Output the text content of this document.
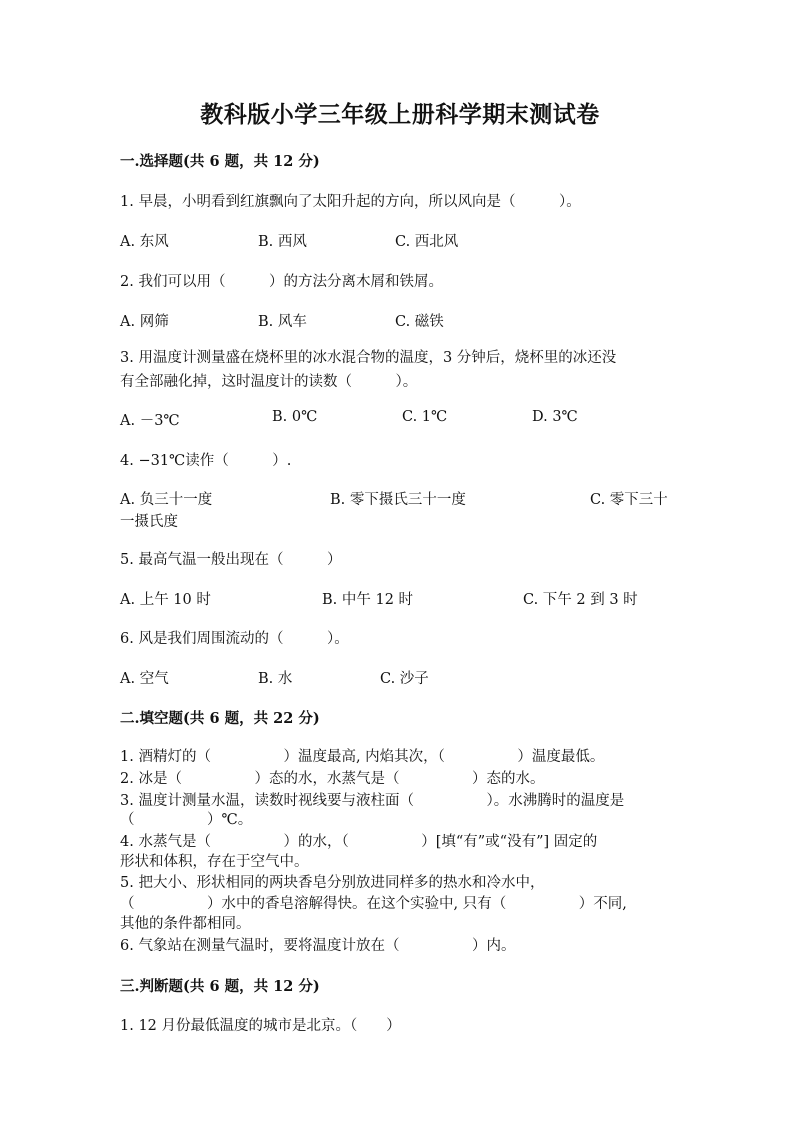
教科版小学三年级上册科学期末测试卷

一.选择题(共 6 题，共 12 分)

1. 早晨，小明看到红旗飘向了太阳升起的方向，所以风向是（　　　）。

A. 东风	B. 西风	C. 西北风

2. 我们可以用（　　　）的方法分离木屑和铁屑。

A. 网筛	B. 风车	C. 磁铁

3. 用温度计测量盛在烧杯里的冰水混合物的温度，3 分钟后，烧杯里的冰还没

有全部融化掉，这时温度计的读数（　　　）。

A. －3℃	B. 0℃	C. 1℃	D. 3℃

4. −31℃读作（　　　）.

A. 负三十一度	B. 零下摄氏三十一度	C. 零下三十

一摄氏度

5. 最高气温一般出现在（　　　）

A. 上午 10 时	B. 中午 12 时	C. 下午 2 到 3 时

6. 风是我们周围流动的（　　　）。

A. 空气	B. 水	C. 沙子

二.填空题(共 6 题，共 22 分)

1. 酒精灯的（　　　　　）温度最高, 内焰其次，（　　　　　）温度最低。

2. 冰是（　　　　　）态的水，水蒸气是（　　　　　）态的水。

3. 温度计测量水温，读数时视线要与液柱面（　　　　　）。水沸腾时的温度是

（　　　　　）℃。

4. 水蒸气是（　　　　　）的水，（　　　　　）[填“有”或“没有”] 固定的

形状和体积，存在于空气中。

5. 把大小、形状相同的两块香皂分别放进同样多的热水和冷水中，

（　　　　　）水中的香皂溶解得快。在这个实验中, 只有（　　　　　）不同,

其他的条件都相同。

6. 气象站在测量气温时，要将温度计放在（　　　　　）内。

三.判断题(共 6 题，共 12 分)

1. 12 月份最低温度的城市是北京。（　　）
